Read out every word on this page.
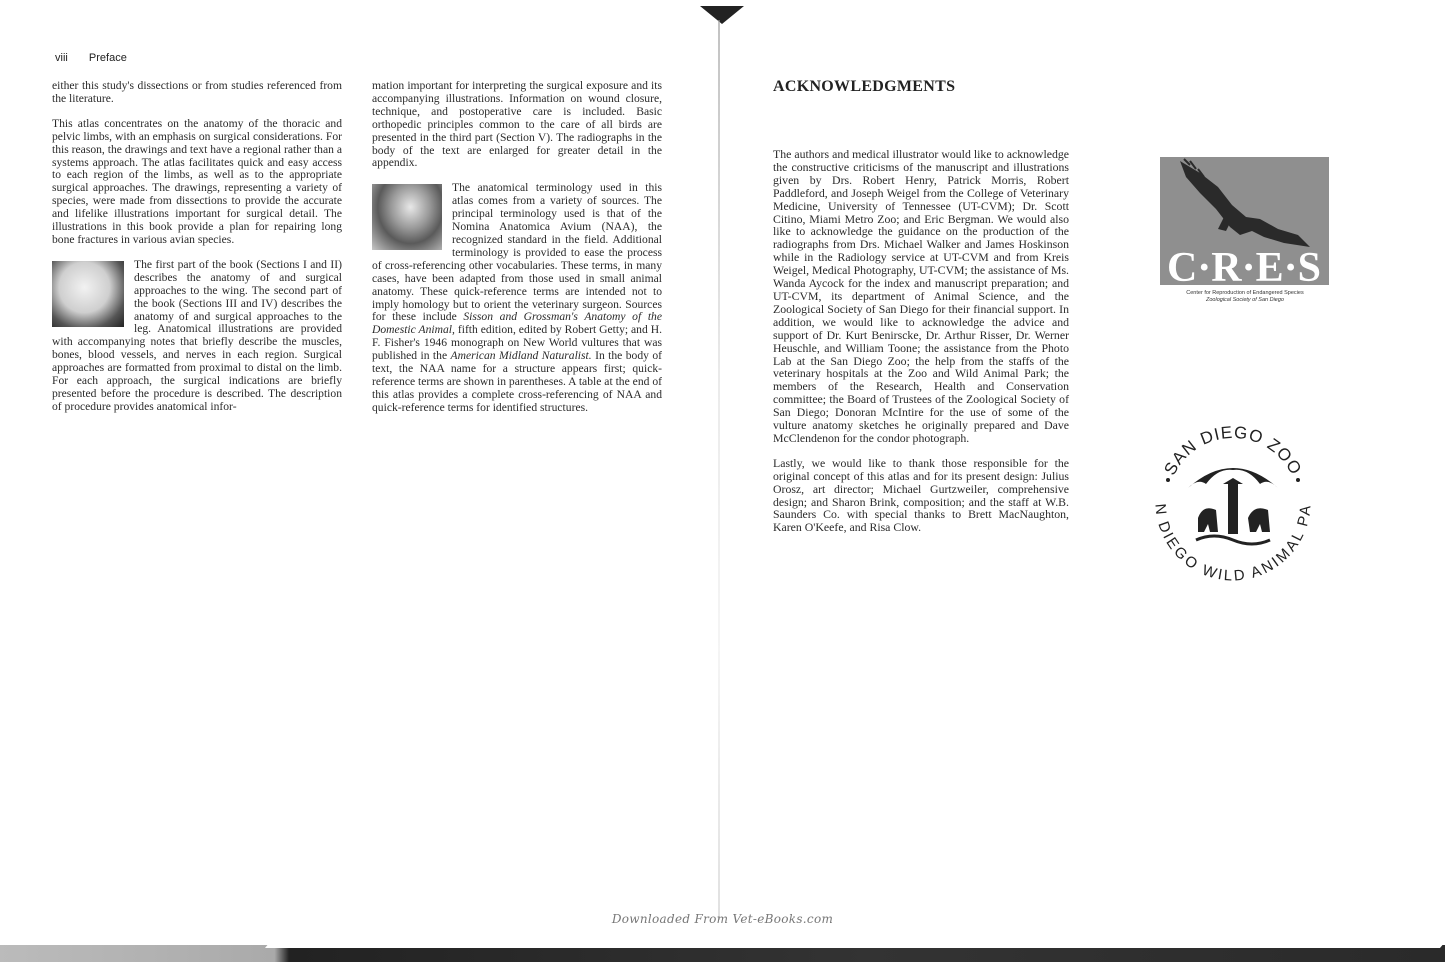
viii Preface

either this study's dissections or from studies referenced from the literature.

This atlas concentrates on the anatomy of the thoracic and pelvic limbs, with an emphasis on surgical considerations. For this reason, the drawings and text have a regional rather than a systems approach. The atlas facilitates quick and easy access to each region of the limbs, as well as to the appropriate surgical approaches. The drawings, representing a variety of species, were made from dissections to provide the accurate and lifelike illustrations important for surgical detail. The illustrations in this book provide a plan for repairing long bone fractures in various avian species.

The first part of the book (Sections I and II) describes the anatomy of and surgical approaches to the wing. The second part of the book (Sections III and IV) describes the anatomy of and surgical approaches to the leg. Anatomical illustrations are provided with accompanying notes that briefly describe the muscles, bones, blood vessels, and nerves in each region. Surgical approaches are formatted from proximal to distal on the limb. For each approach, the surgical indications are briefly presented before the procedure is described. The description of procedure provides anatomical infor-

mation important for interpreting the surgical exposure and its accompanying illustrations. Information on wound closure, technique, and postoperative care is included. Basic orthopedic principles common to the care of all birds are presented in the third part (Section V). The radiographs in the body of the text are enlarged for greater detail in the appendix.

The anatomical terminology used in this atlas comes from a variety of sources. The principal terminology used is that of the Nomina Anatomica Avium (NAA), the recognized standard in the field. Additional terminology is provided to ease the process of cross-referencing other vocabularies. These terms, in many cases, have been adapted from those used in small animal anatomy. These quick-reference terms are intended not to imply homology but to orient the veterinary surgeon. Sources for these include Sisson and Grossman's Anatomy of the Domestic Animal, fifth edition, edited by Robert Getty; and H. F. Fisher's 1946 monograph on New World vultures that was published in the American Midland Naturalist. In the body of text, the NAA name for a structure appears first; quick-reference terms are shown in parentheses. A table at the end of this atlas provides a complete cross-referencing of NAA and quick-reference terms for identified structures.

ACKNOWLEDGMENTS

The authors and medical illustrator would like to acknowledge the constructive criticisms of the manuscript and illustrations given by Drs. Robert Henry, Patrick Morris, Robert Paddleford, and Joseph Weigel from the College of Veterinary Medicine, University of Tennessee (UT-CVM); Dr. Scott Citino, Miami Metro Zoo; and Eric Bergman. We would also like to acknowledge the guidance on the production of the radiographs from Drs. Michael Walker and James Hoskinson while in the Radiology service at UT-CVM and from Kreis Weigel, Medical Photography, UT-CVM; the assistance of Ms. Wanda Aycock for the index and manuscript preparation; and UT-CVM, its department of Animal Science, and the Zoological Society of San Diego for their financial support. In addition, we would like to acknowledge the advice and support of Dr. Kurt Benirscke, Dr. Arthur Risser, Dr. Werner Heuschle, and William Toone; the assistance from the Photo Lab at the San Diego Zoo; the help from the staffs of the veterinary hospitals at the Zoo and Wild Animal Park; the members of the Research, Health and Conservation committee; the Board of Trustees of the Zoological Society of San Diego; Donoran McIntire for the use of some of the vulture anatomy sketches he originally prepared and Dave McClendenon for the condor photograph.

Lastly, we would like to thank those responsible for the original concept of this atlas and for its present design: Julius Orosz, art director; Michael Gurtzweiler, comprehensive design; and Sharon Brink, composition; and the staff at W.B. Saunders Co. with special thanks to Brett MacNaughton, Karen O'Keefe, and Risa Clow.

C·R·E·S
Center for Reproduction of Endangered Species
Zoological Society of San Diego
SAN DIEGO ZOO
N DIEGO WILD ANIMAL PA
Downloaded From Vet-eBooks.com
